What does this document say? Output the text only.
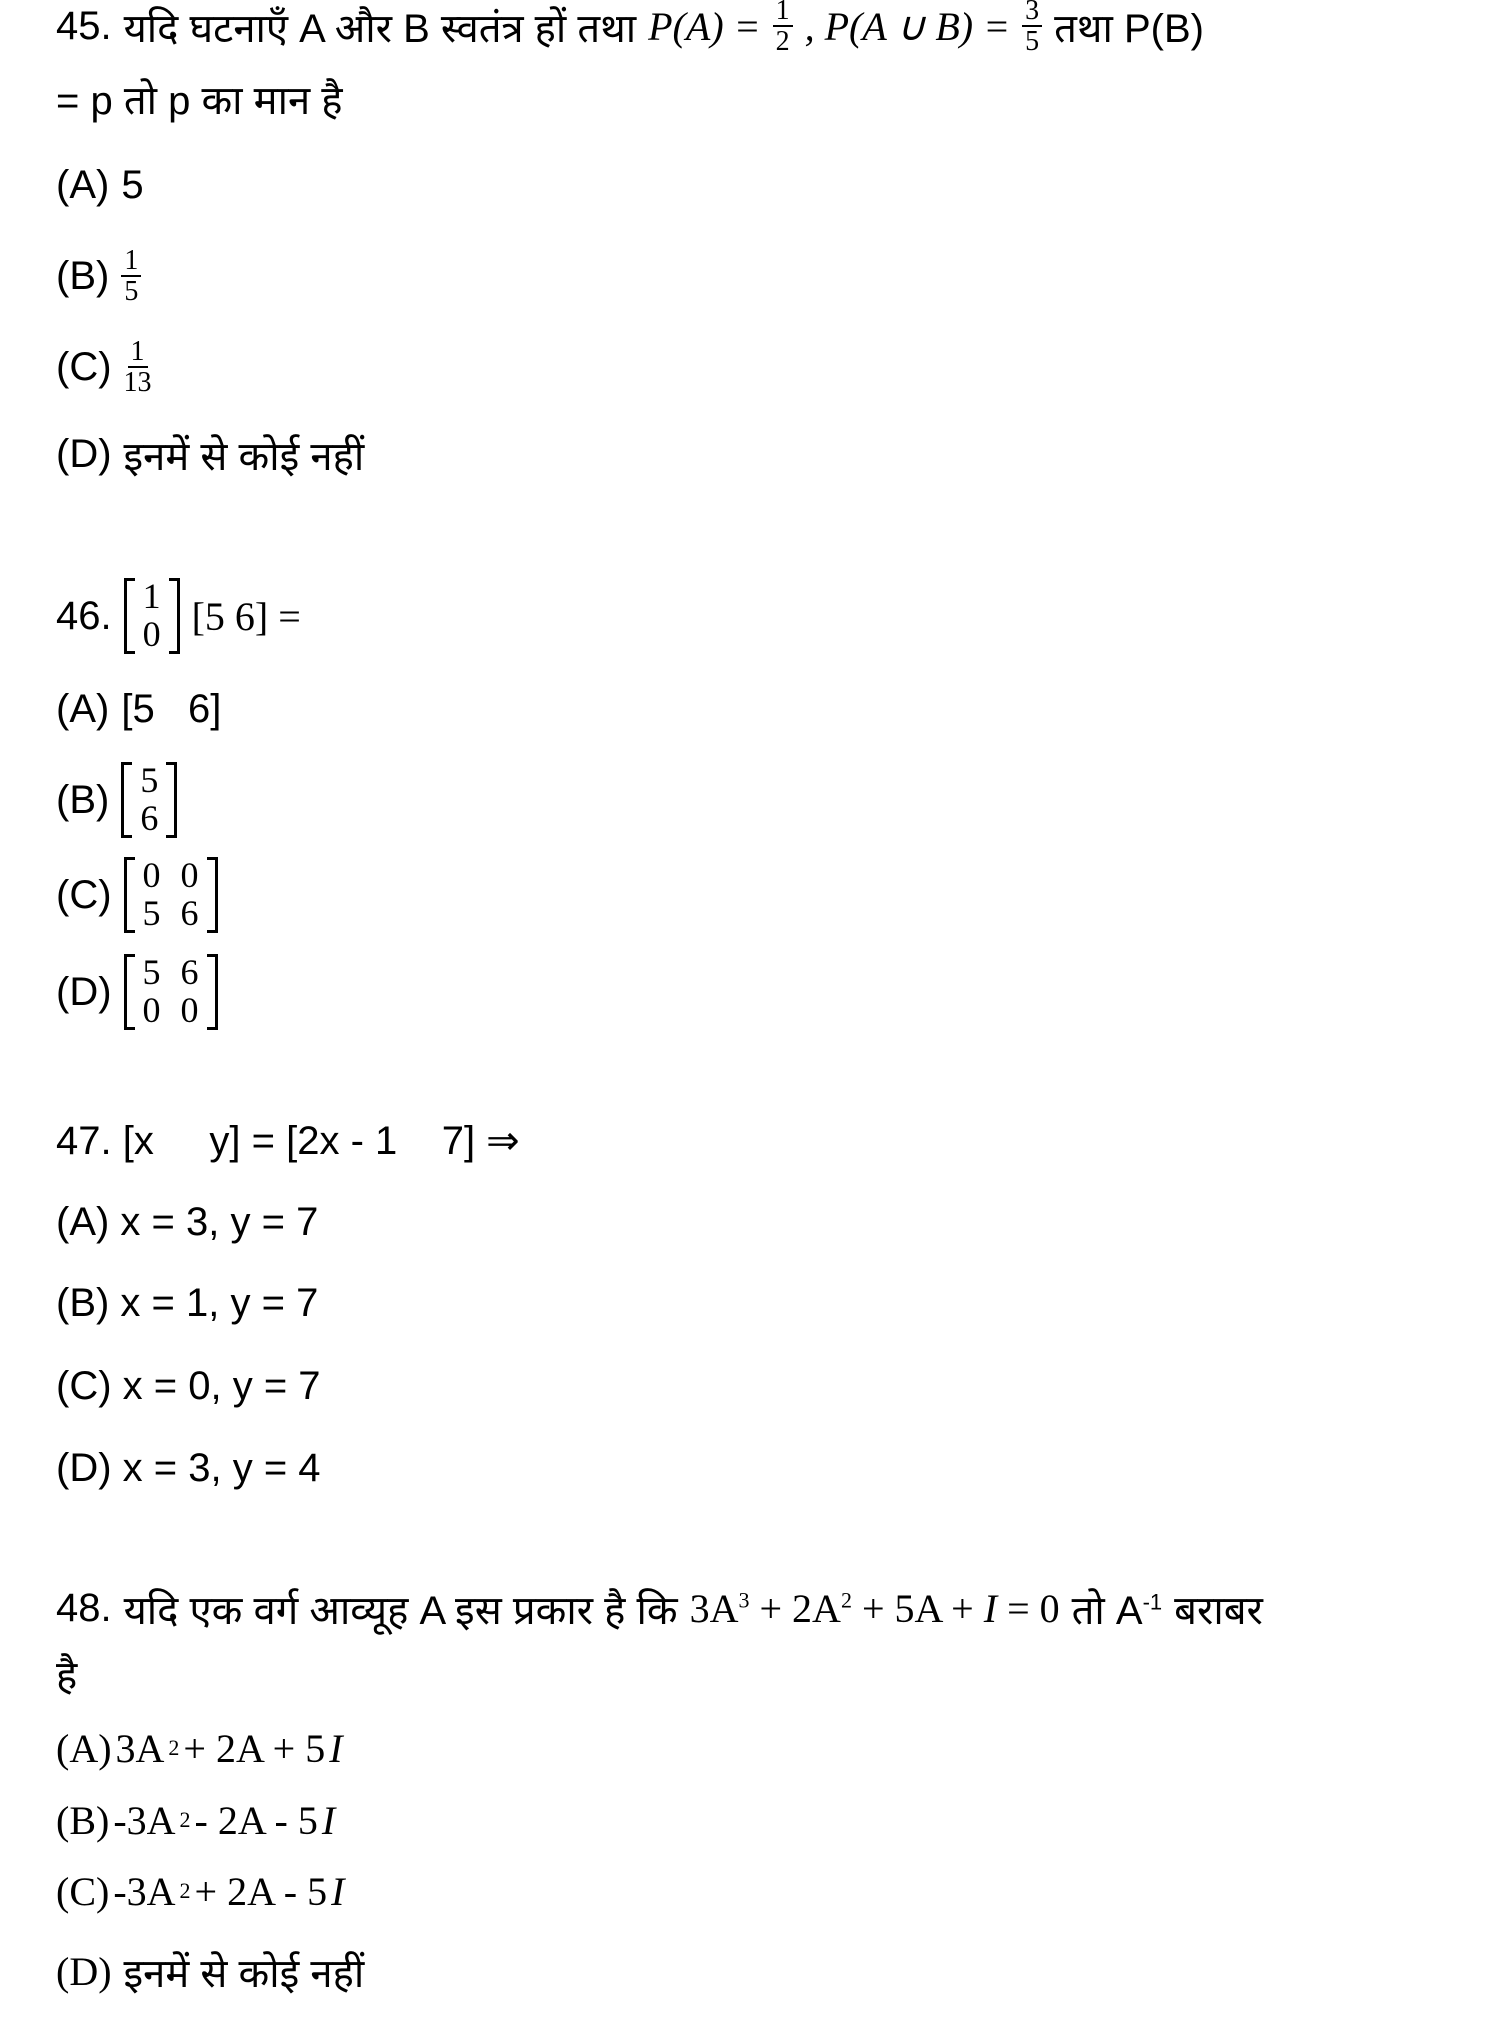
45. यदि घटनाएँ A और B स्वतंत्र हों तथा $P(A) = \frac{1}{2}$ , P(A ∪ $B) = \frac{3}{5}$ तथा P(B)
= p तो p का मान है
(A) 5
$(B) \frac{1}{5}$
$(C) \frac{1}{13}$
(D) इनमें से कोई नहीं
46. 1
0 [5 6] =
(A) [5   6]
(B) 5
6
(C) 0	0
5	6
(D) 5	6
0	0
47. [x     y] = [2x - 1    7] ⇒
(A) x = 3, y = 7
(B) x = 1, y = 7
(C) x = 0, y = 7
(D) x = 3, y = 4
48. यदि एक वर्ग आव्यूह A इस प्रकार है कि $3A^3 + 2A^2 + 5A + I = 0$ तो $A^{-1}$ बराबर
है
(A) 3A 2 + 2A + 5 I
(B) -3A 2 - 2A - 5 I
(C) -3A 2 + 2A - 5 I
(D) इनमें से कोई नहीं
